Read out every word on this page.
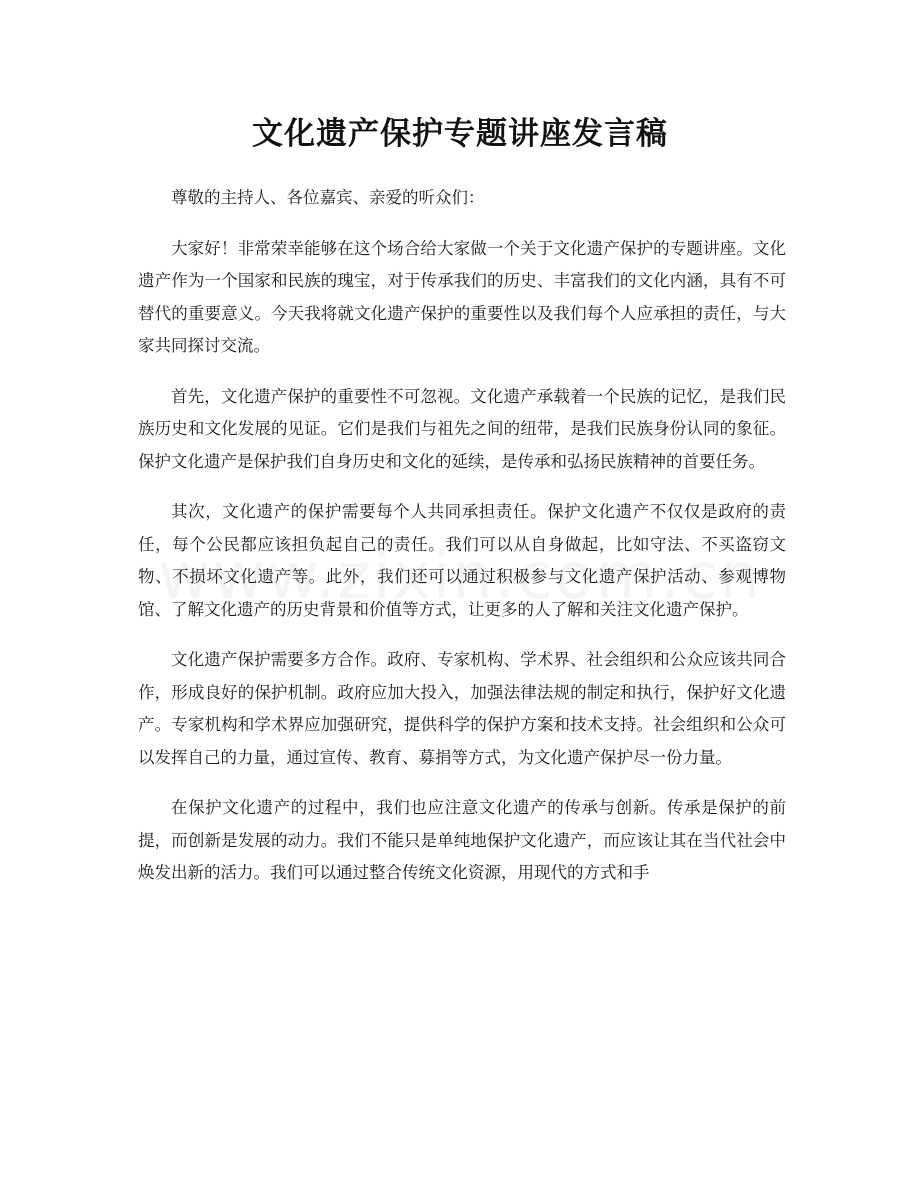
文化遗产保护专题讲座发言稿

尊敬的主持人、各位嘉宾、亲爱的听众们：

大家好！非常荣幸能够在这个场合给大家做一个关于文化遗产保护的专题讲座。文化遗产作为一个国家和民族的瑰宝，对于传承我们的历史、丰富我们的文化内涵，具有不可替代的重要意义。今天我将就文化遗产保护的重要性以及我们每个人应承担的责任，与大家共同探讨交流。

首先，文化遗产保护的重要性不可忽视。文化遗产承载着一个民族的记忆，是我们民族历史和文化发展的见证。它们是我们与祖先之间的纽带，是我们民族身份认同的象征。保护文化遗产是保护我们自身历史和文化的延续，是传承和弘扬民族精神的首要任务。

其次，文化遗产的保护需要每个人共同承担责任。保护文化遗产不仅仅是政府的责任，每个公民都应该担负起自己的责任。我们可以从自身做起，比如守法、不买盗窃文物、不损坏文化遗产等。此外，我们还可以通过积极参与文化遗产保护活动、参观博物馆、了解文化遗产的历史背景和价值等方式，让更多的人了解和关注文化遗产保护。

文化遗产保护需要多方合作。政府、专家机构、学术界、社会组织和公众应该共同合作，形成良好的保护机制。政府应加大投入，加强法律法规的制定和执行，保护好文化遗产。专家机构和学术界应加强研究，提供科学的保护方案和技术支持。社会组织和公众可以发挥自己的力量，通过宣传、教育、募捐等方式，为文化遗产保护尽一份力量。

在保护文化遗产的过程中，我们也应注意文化遗产的传承与创新。传承是保护的前提，而创新是发展的动力。我们不能只是单纯地保护文化遗产，而应该让其在当代社会中焕发出新的活力。我们可以通过整合传统文化资源，用现代的方式和手
